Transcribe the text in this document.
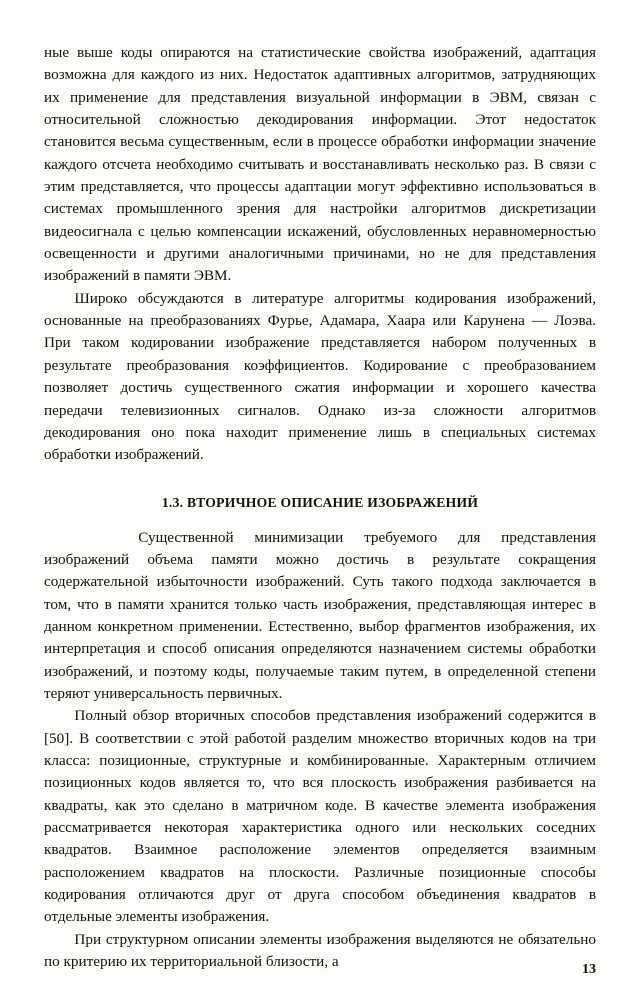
ные выше коды опираются на статистические свойства изображений, адаптация возможна для каждого из них. Недостаток адаптивных алгоритмов, затрудняющих их применение для представления визуальной информации в ЭВМ, связан с относительной сложностью декодирования информации. Этот недостаток становится весьма существенным, если в процессе обработки информации значение каждого отсчета необходимо считывать и восстанавливать несколько раз. В связи с этим представляется, что процессы адаптации могут эффективно использоваться в системах промышленного зрения для настройки алгоритмов дискретизации видеосигнала с целью компенсации искажений, обусловленных неравномерностью освещенности и другими аналогичными причинами, но не для представления изображений в памяти ЭВМ.

Широко обсуждаются в литературе алгоритмы кодирования изображений, основанные на преобразованиях Фурье, Адамара, Хаара или Карунена — Лоэва. При таком кодировании изображение представляется набором полученных в результате преобразования коэффициентов. Кодирование с преобразованием позволяет достичь существенного сжатия информации и хорошего качества передачи телевизионных сигналов. Однако из-за сложности алгоритмов декодирования оно пока находит применение лишь в специальных системах обработки изображений.

1.3. ВТОРИЧНОЕ ОПИСАНИЕ ИЗОБРАЖЕНИЙ

Существенной минимизации требуемого для представления изображений объема памяти можно достичь в результате сокращения содержательной избыточности изображений. Суть такого подхода заключается в том, что в памяти хранится только часть изображения, представляющая интерес в данном конкретном применении. Естественно, выбор фрагментов изображения, их интерпретация и способ описания определяются назначением системы обработки изображений, и поэтому коды, получаемые таким путем, в определенной степени теряют универсальность первичных.

Полный обзор вторичных способов представления изображений содержится в [50]. В соответствии с этой работой разделим множество вторичных кодов на три класса: позиционные, структурные и комбинированные. Характерным отличием позиционных кодов является то, что вся плоскость изображения разбивается на квадраты, как это сделано в матричном коде. В качестве элемента изображения рассматривается некоторая характеристика одного или нескольких соседних квадратов. Взаимное расположение элементов определяется взаимным расположением квадратов на плоскости. Различные позиционные способы кодирования отличаются друг от друга способом объединения квадратов в отдельные элементы изображения.

При структурном описании элементы изображения выделяются не обязательно по критерию их территориальной близости, а	13
